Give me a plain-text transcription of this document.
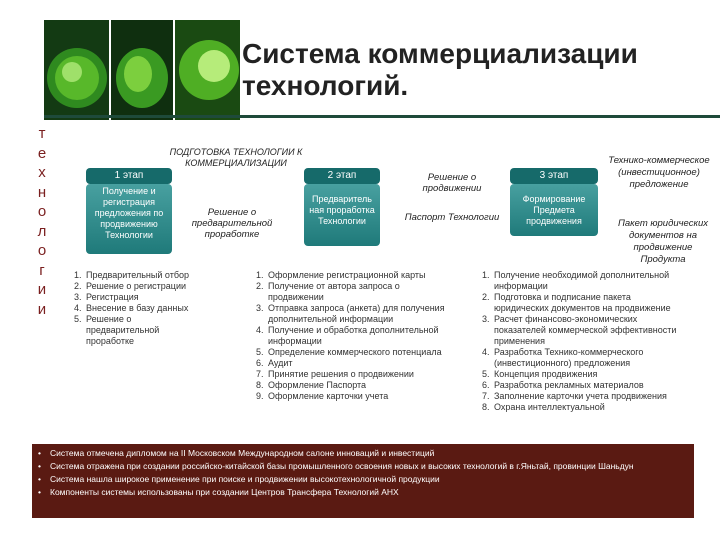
Система коммерциализации
технологий.
т
е
х
н
о
л
о
г
и
и
ПОДГОТОВКА ТЕХНОЛОГИИ К КОММЕРЦИАЛИЗАЦИИ
1 этап
Получение и регистрация предложения по продвижению Технологии
Решение о предварительной проработке
2 этап
Предваритель ная проработка Технологии
Решение о продвижении
Паспорт Технологии
3 этап
Формирование Предмета продвижения
Технико-коммерческое (инвестиционное) предложение
Пакет юридических документов на продвижение Продукта
1. Предварительный отбор
2. Решение о регистрации
3. Регистрация
4. Внесение в базу данных
5. Решение о предварительной проработке
1. Оформление регистрационной карты
2. Получение от автора запроса о продвижении
3. Отправка запроса (анкета) для получения дополнительной информации
4. Получение и обработка дополнительной информации
5. Определение коммерческого потенциала
6. Аудит
7. Принятие решения о продвижении
8. Оформление Паспорта
9. Оформление карточки учета
1. Получение необходимой дополнительной информации
2. Подготовка и подписание пакета юридических документов на продвижение
3. Расчет финансово-экономических показателей коммерческой эффективности применения
4. Разработка Технико-коммерческого (инвестиционного) предложения
5. Концепция продвижения
6. Разработка рекламных материалов
7. Заполнение карточки учета продвижения
8. Охрана интеллектуальной
•	Система отмечена дипломом на II Московском Международном салоне инноваций и инвестиций
•	Система отражена при создании российско-китайской базы промышленного освоения новых и высоких технологий в г.Яньтай, провинции Шаньдун
•	Система нашла широкое применение при поиске и продвижении высокотехнологичной продукции
•	Компоненты системы использованы при создании Центров Трансфера Технологий АНХ
